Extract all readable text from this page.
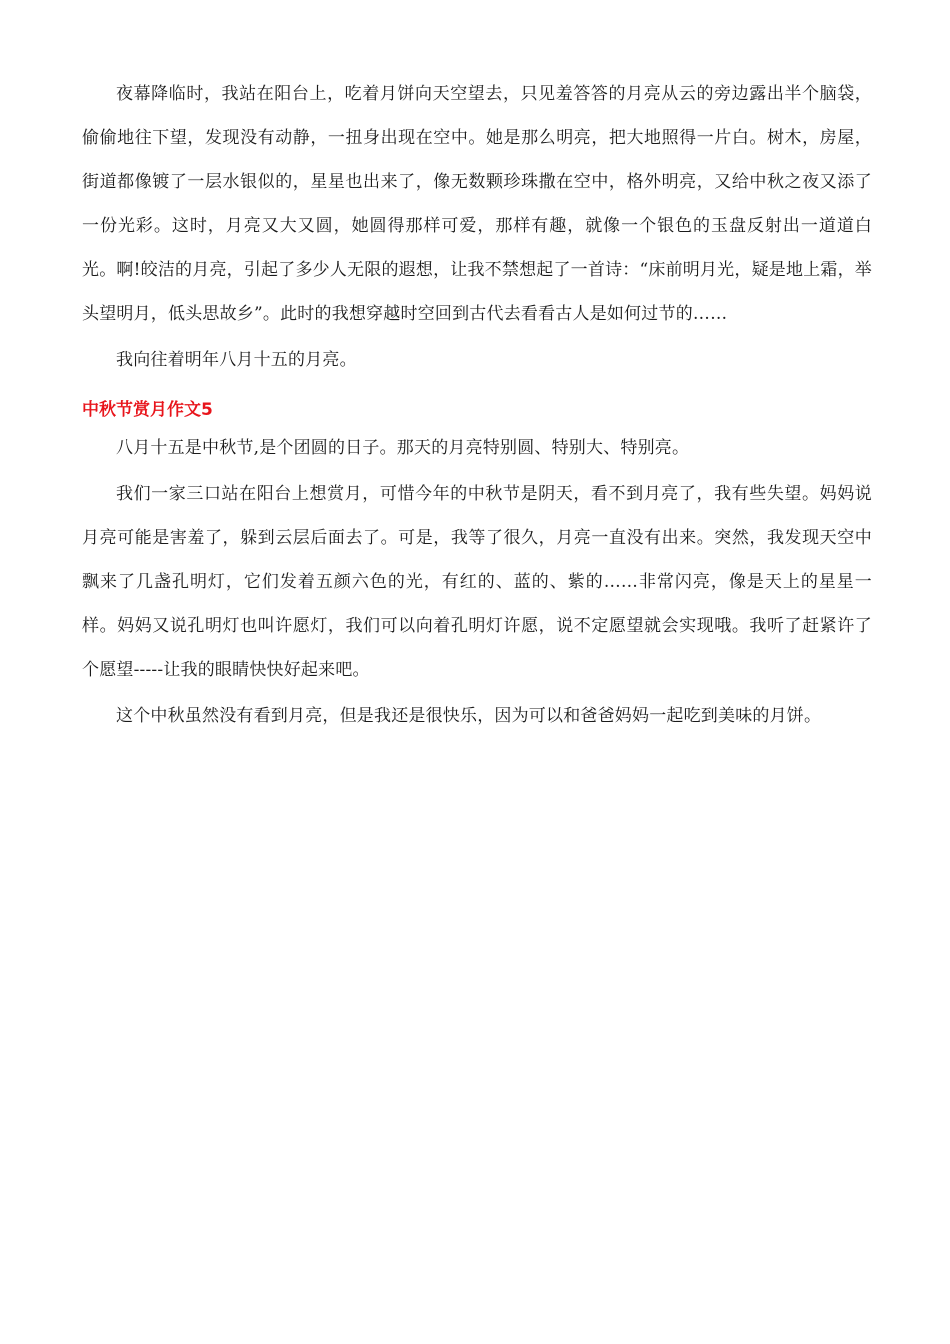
夜幕降临时，我站在阳台上，吃着月饼向天空望去，只见羞答答的月亮从云的旁边露出半个脑袋，偷偷地往下望，发现没有动静，一扭身出现在空中。她是那么明亮，把大地照得一片白。树木，房屋，街道都像镀了一层水银似的，星星也出来了，像无数颗珍珠撒在空中，格外明亮，又给中秋之夜又添了一份光彩。这时，月亮又大又圆，她圆得那样可爱，那样有趣，就像一个银色的玉盘反射出一道道白光。啊!皎洁的月亮，引起了多少人无限的遐想，让我不禁想起了一首诗：“床前明月光，疑是地上霜，举头望明月，低头思故乡”。此时的我想穿越时空回到古代去看看古人是如何过节的……

我向往着明年八月十五的月亮。

中秋节赏月作文5

八月十五是中秋节,是个团圆的日子。那天的月亮特别圆、特别大、特别亮。

我们一家三口站在阳台上想赏月，可惜今年的中秋节是阴天，看不到月亮了，我有些失望。妈妈说月亮可能是害羞了，躲到云层后面去了。可是，我等了很久，月亮一直没有出来。突然，我发现天空中飘来了几盏孔明灯，它们发着五颜六色的光，有红的、蓝的、紫的……非常闪亮，像是天上的星星一样。妈妈又说孔明灯也叫许愿灯，我们可以向着孔明灯许愿，说不定愿望就会实现哦。我听了赶紧许了个愿望-----让我的眼睛快快好起来吧。

这个中秋虽然没有看到月亮，但是我还是很快乐，因为可以和爸爸妈妈一起吃到美味的月饼。
